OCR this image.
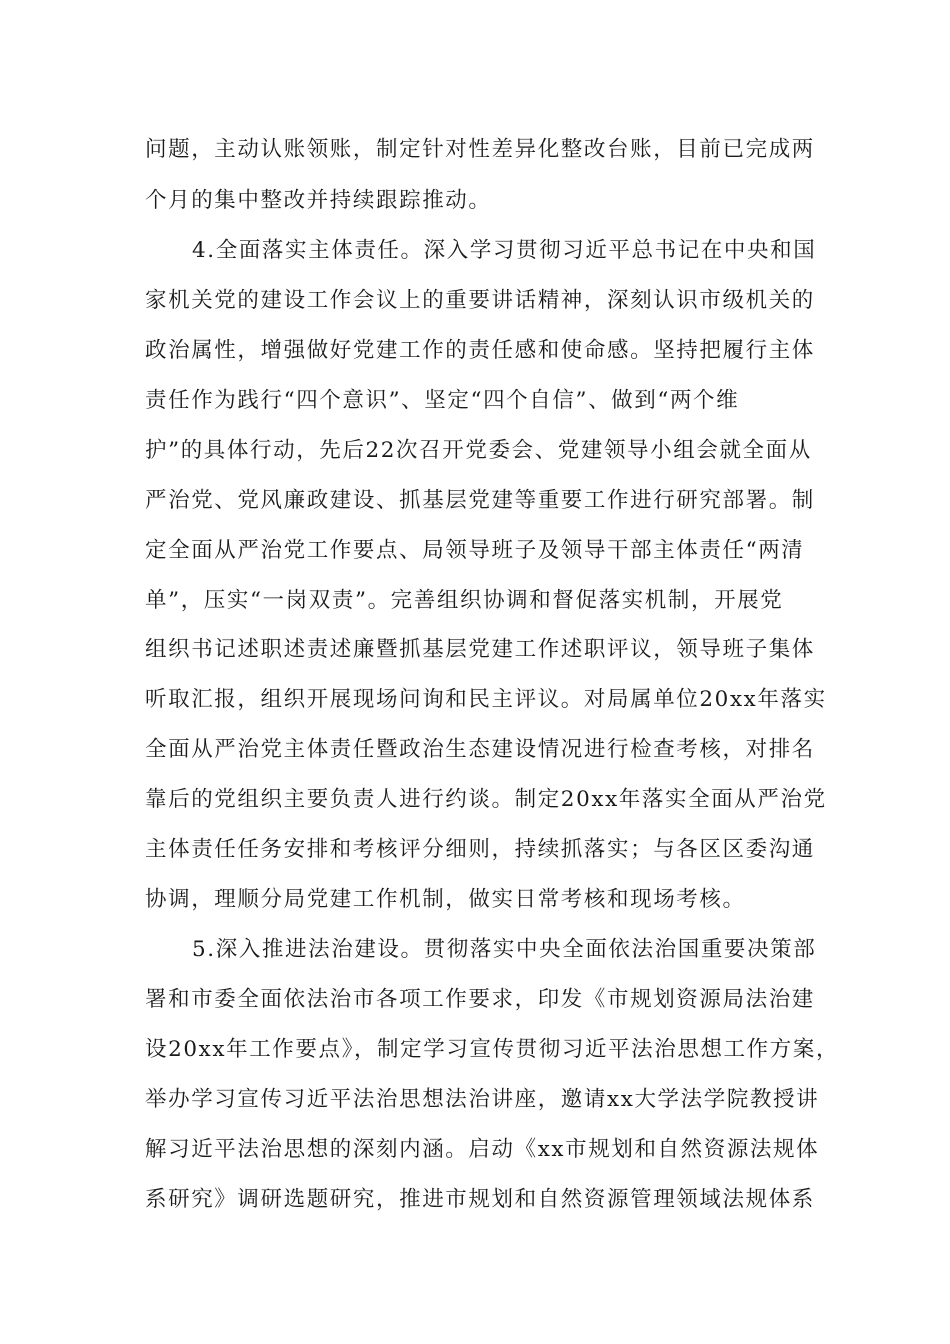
问题，主动认账领账，制定针对性差异化整改台账，目前已完成两
个月的集中整改并持续跟踪推动。
4.全面落实主体责任。深入学习贯彻习近平总书记在中央和国
家机关党的建设工作会议上的重要讲话精神，深刻认识市级机关的
政治属性，增强做好党建工作的责任感和使命感。坚持把履行主体
责任作为践行“四个意识”、坚定“四个自信”、做到“两个维
护”的具体行动，先后22次召开党委会、党建领导小组会就全面从
严治党、党风廉政建设、抓基层党建等重要工作进行研究部署。制
定全面从严治党工作要点、局领导班子及领导干部主体责任“两清
单”，压实“一岗双责”。完善组织协调和督促落实机制，开展党
组织书记述职述责述廉暨抓基层党建工作述职评议，领导班子集体
听取汇报，组织开展现场问询和民主评议。对局属单位20xx年落实
全面从严治党主体责任暨政治生态建设情况进行检查考核，对排名
靠后的党组织主要负责人进行约谈。制定20xx年落实全面从严治党
主体责任任务安排和考核评分细则，持续抓落实；与各区区委沟通
协调，理顺分局党建工作机制，做实日常考核和现场考核。
5.深入推进法治建设。贯彻落实中央全面依法治国重要决策部
署和市委全面依法治市各项工作要求，印发《市规划资源局法治建
设20xx年工作要点》，制定学习宣传贯彻习近平法治思想工作方案，
举办学习宣传习近平法治思想法治讲座，邀请xx大学法学院教授讲
解习近平法治思想的深刻内涵。启动《xx市规划和自然资源法规体
系研究》调研选题研究，推进市规划和自然资源管理领域法规体系
